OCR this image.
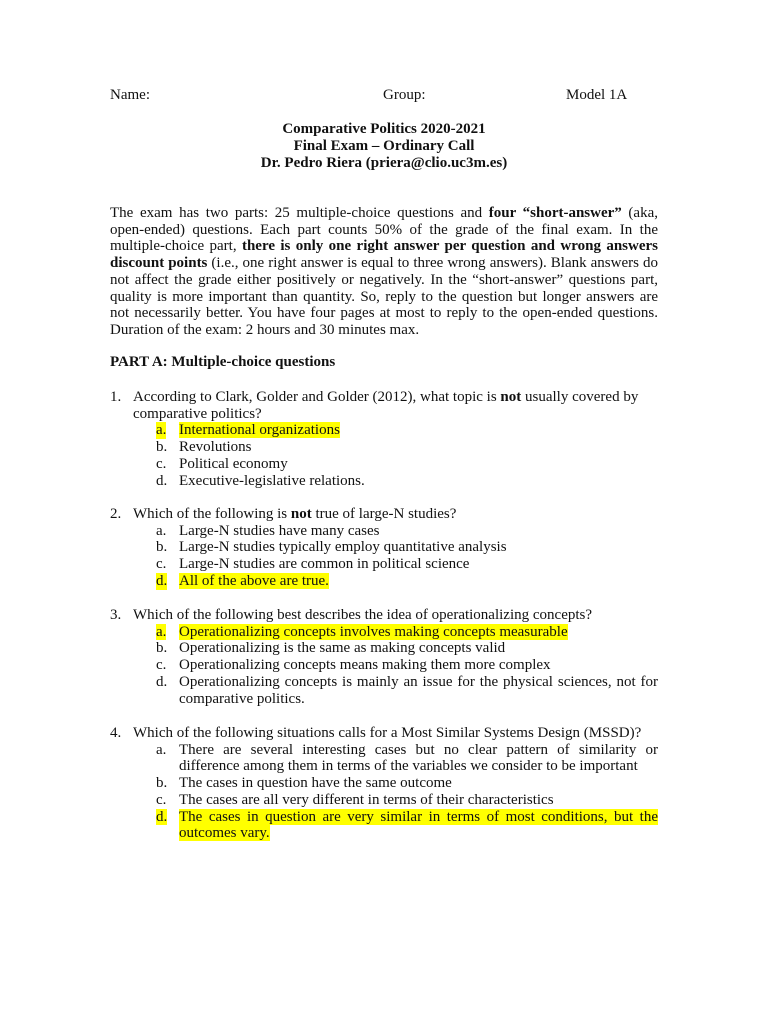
Name:	Group:	Model 1A
Comparative Politics 2020-2021
Final Exam – Ordinary Call
Dr. Pedro Riera (priera@clio.uc3m.es)
The exam has two parts: 25 multiple-choice questions and four “short-answer” (aka, open-ended) questions. Each part counts 50% of the grade of the final exam. In the multiple-choice part, there is only one right answer per question and wrong answers discount points (i.e., one right answer is equal to three wrong answers). Blank answers do not affect the grade either positively or negatively. In the “short-answer” questions part, quality is more important than quantity. So, reply to the question but longer answers are not necessarily better. You have four pages at most to reply to the open-ended questions. Duration of the exam: 2 hours and 30 minutes max.
PART A: Multiple-choice questions
1. According to Clark, Golder and Golder (2012), what topic is not usually covered by comparative politics?
a. International organizations
b. Revolutions
c. Political economy
d. Executive-legislative relations.
2. Which of the following is not true of large-N studies?
a. Large-N studies have many cases
b. Large-N studies typically employ quantitative analysis
c. Large-N studies are common in political science
d. All of the above are true.
3. Which of the following best describes the idea of operationalizing concepts?
a. Operationalizing concepts involves making concepts measurable
b. Operationalizing is the same as making concepts valid
c. Operationalizing concepts means making them more complex
d. Operationalizing concepts is mainly an issue for the physical sciences, not for comparative politics.
4. Which of the following situations calls for a Most Similar Systems Design (MSSD)?
a. There are several interesting cases but no clear pattern of similarity or difference among them in terms of the variables we consider to be important
b. The cases in question have the same outcome
c. The cases are all very different in terms of their characteristics
d. The cases in question are very similar in terms of most conditions, but the outcomes vary.
